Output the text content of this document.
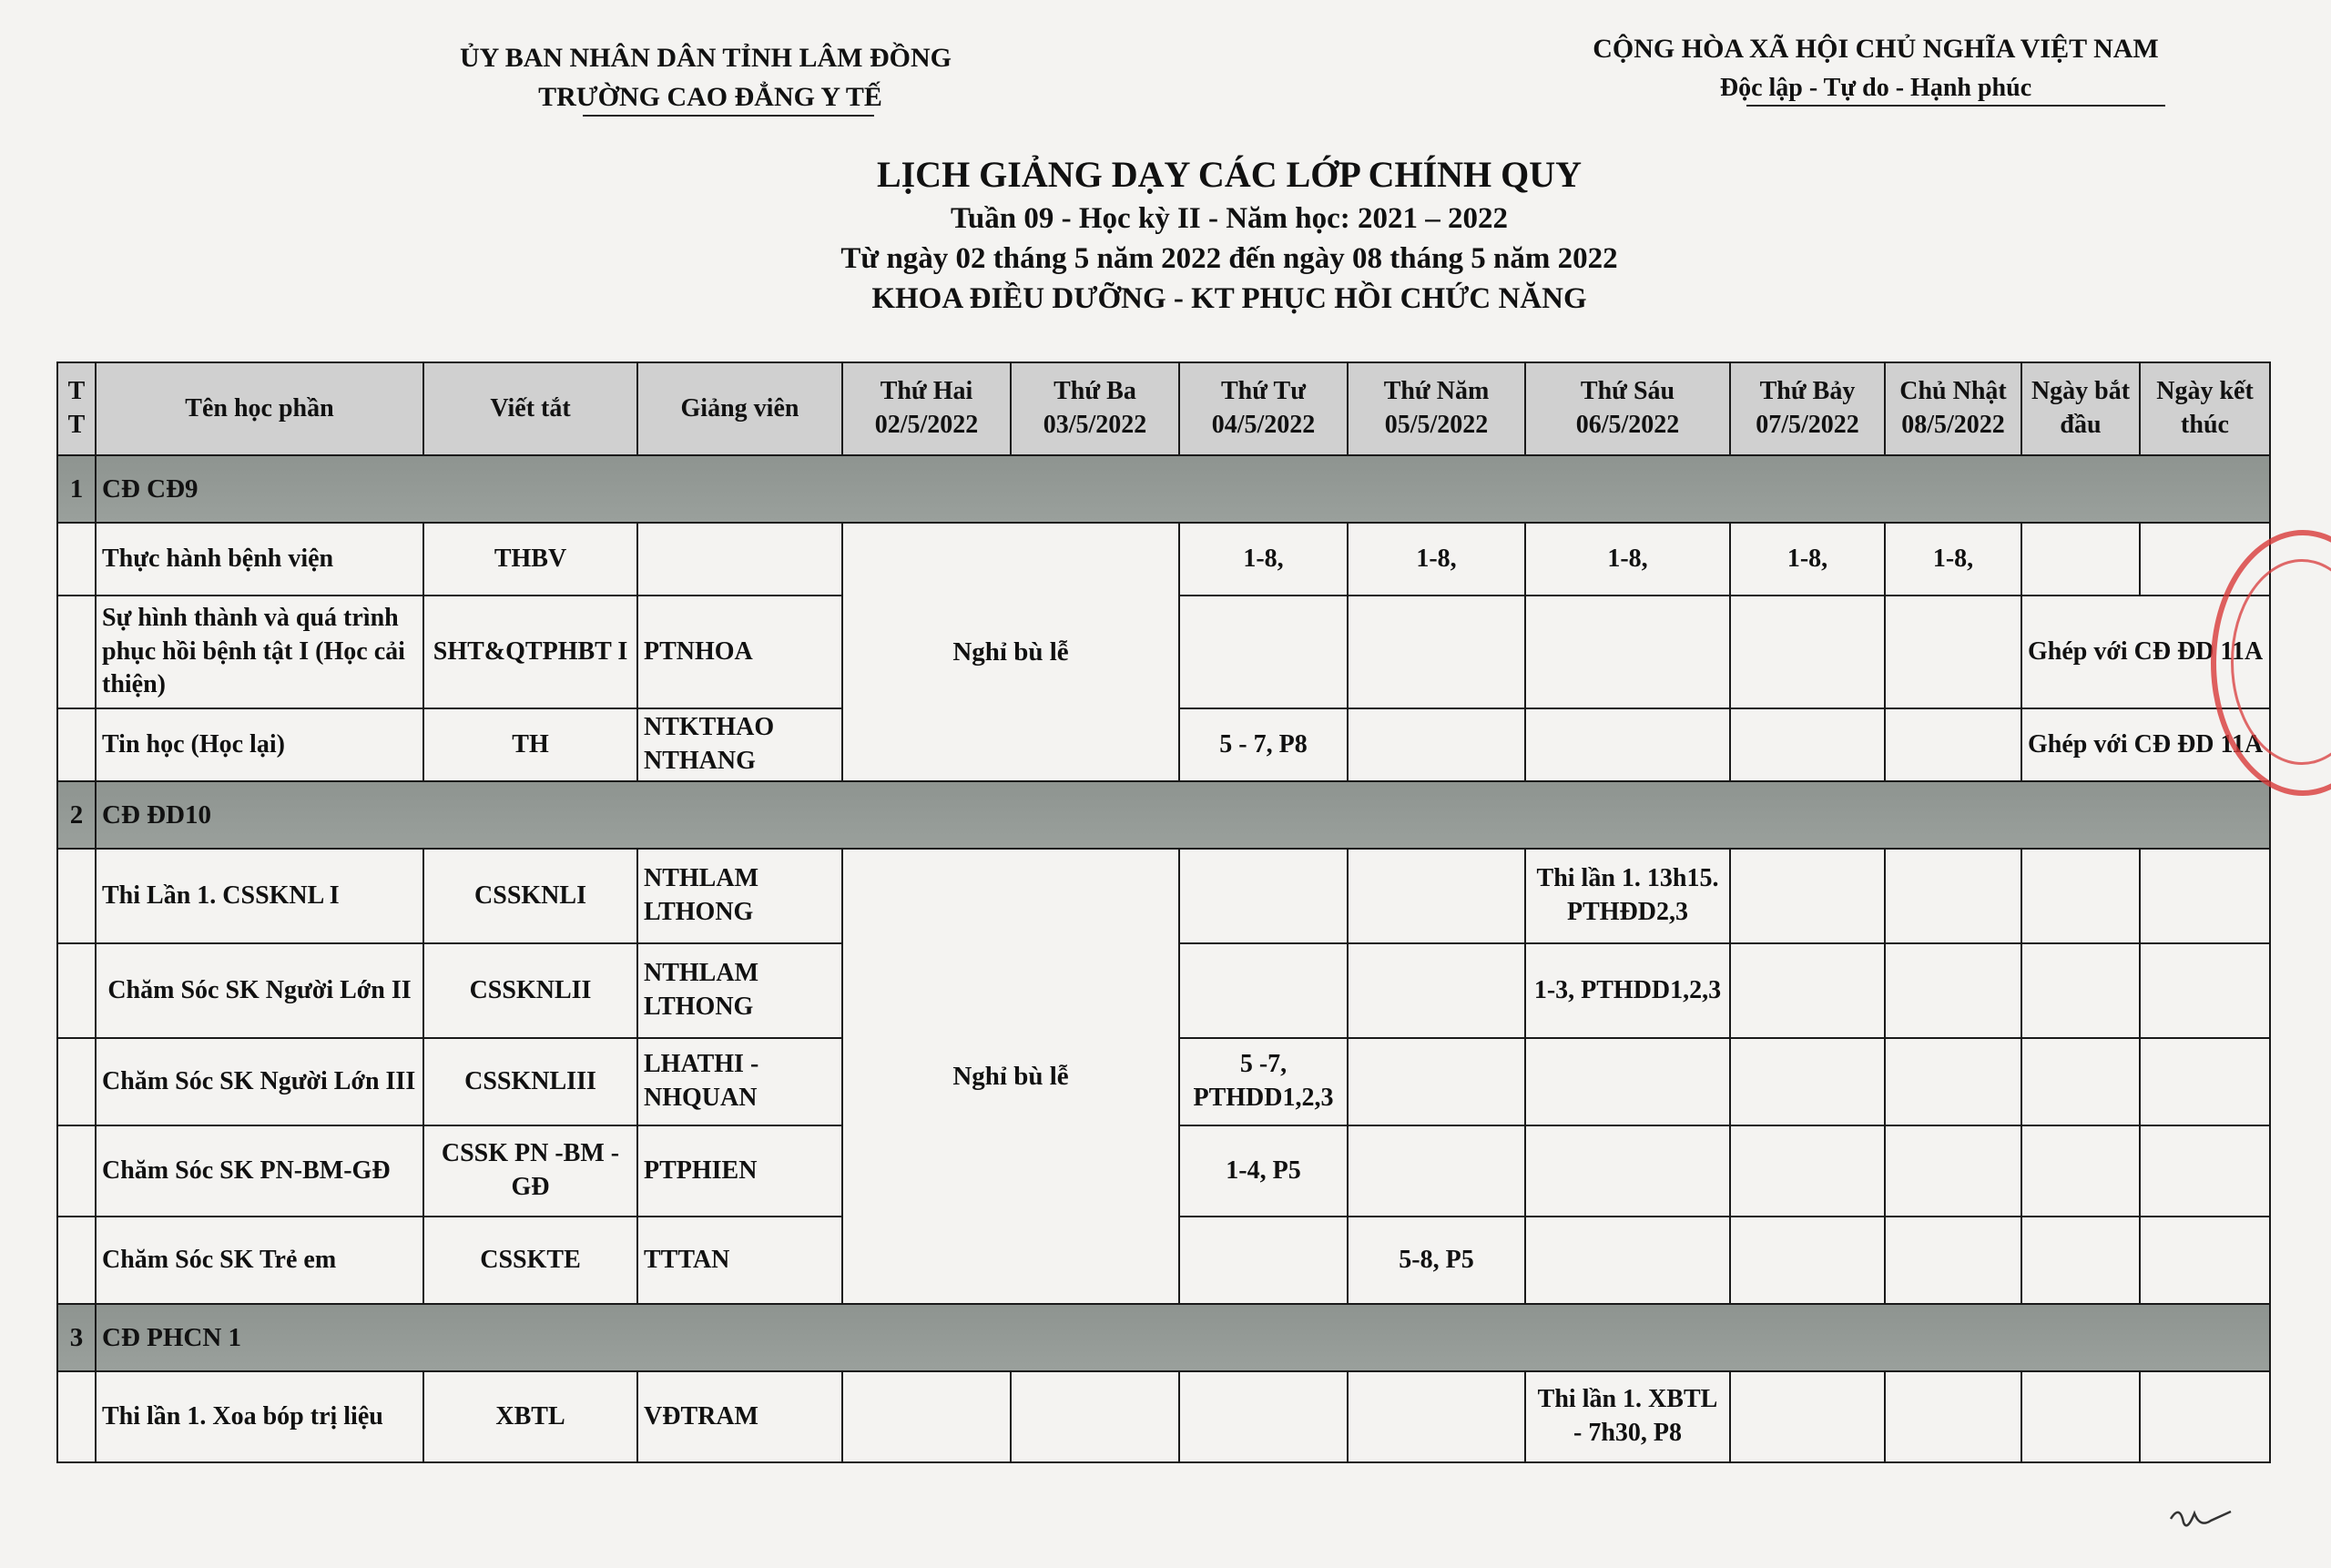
ỦY BAN NHÂN DÂN TỈNH LÂM ĐỒNG
TRƯỜNG CAO ĐẲNG Y TẾ
CỘNG HÒA XÃ HỘI CHỦ NGHĨA VIỆT NAM
Độc lập - Tự do - Hạnh phúc
LỊCH GIẢNG DẠY CÁC LỚP CHÍNH QUY
Tuần 09 - Học kỳ II - Năm học: 2021 – 2022
Từ ngày 02 tháng 5 năm 2022 đến ngày 08 tháng 5 năm 2022
KHOA ĐIỀU DƯỠNG - KT PHỤC HỒI CHỨC NĂNG
T T	Tên học phần	Viết tắt	Giảng viên	Thứ Hai 02/5/2022	Thứ Ba 03/5/2022	Thứ Tư 04/5/2022	Thứ Năm 05/5/2022	Thứ Sáu 06/5/2022	Thứ Bảy 07/5/2022	Chủ Nhật 08/5/2022	Ngày bắt đầu	Ngày kết thúc
1	CĐ CĐ9											
	Thực hành bệnh viện	THBV		Nghỉ bù lễ		1-8,	1-8,	1-8,	1-8,	1-8,		
	Sự hình thành và quá trình phục hồi bệnh tật I (Học cải thiện)	SHT&QTPHBT I	PTNHOA								Ghép với CĐ ĐD 11A	
	Tin học (Học lại)	TH	NTKTHAO NTHANG			5 - 7, P8					Ghép với CĐ ĐD 11A	
2	CĐ ĐD10											
	Thi Lần 1. CSSKNL I	CSSKNLI	NTHLAM LTHONG	Nghỉ bù lễ				Thi lần 1. 13h15. PTHĐD2,3				
	Chăm Sóc SK Người Lớn II	CSSKNLII	NTHLAM LTHONG					1-3, PTHDD1,2,3				
	Chăm Sóc SK Người Lớn III	CSSKNLIII	LHATHI - NHQUAN			5 -7, PTHDD1,2,3						
	Chăm Sóc SK PN-BM-GĐ	CSSK PN -BM - GĐ	PTPHIEN			1-4, P5						
	Chăm Sóc SK Trẻ em	CSSKTE	TTTAN				5-8, P5					
3	CĐ PHCN 1											
	Thi lần 1. Xoa bóp trị liệu	XBTL	VĐTRAM					Thi lần 1. XBTL - 7h30, P8				
